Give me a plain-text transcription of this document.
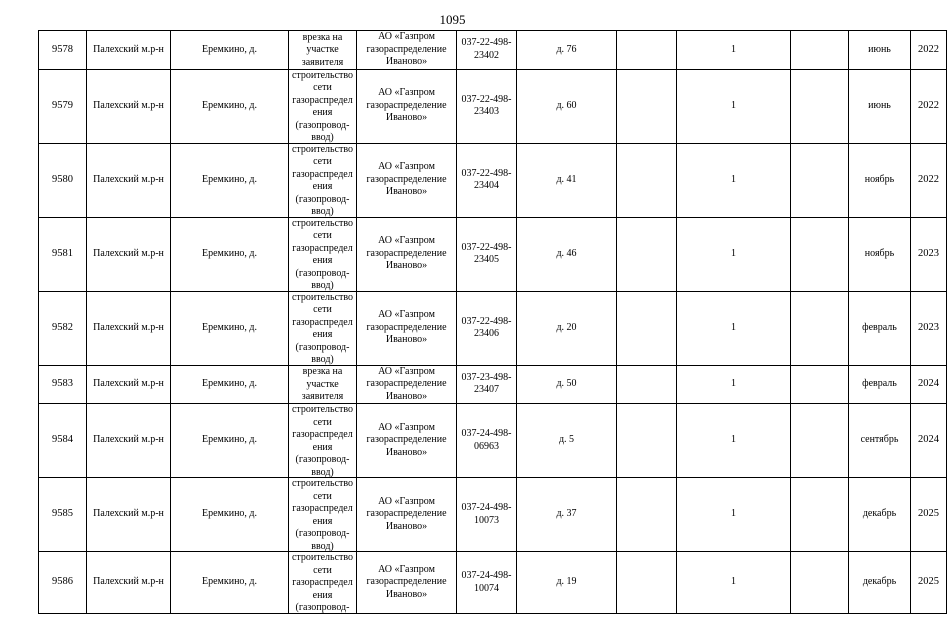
1095
9578	Палехский м.р-н	Еремкино, д.	врезка на участке заявителя	АО «Газпром газораспределение Иваново»	037-22-498-23402	д. 76		1		июнь	2022
9579	Палехский м.р-н	Еремкино, д.	строительство сети газораспределения (газопровод-ввод)	АО «Газпром газораспределение Иваново»	037-22-498-23403	д. 60		1		июнь	2022
9580	Палехский м.р-н	Еремкино, д.	строительство сети газораспределения (газопровод-ввод)	АО «Газпром газораспределение Иваново»	037-22-498-23404	д. 41		1		ноябрь	2022
9581	Палехский м.р-н	Еремкино, д.	строительство сети газораспределения (газопровод-ввод)	АО «Газпром газораспределение Иваново»	037-22-498-23405	д. 46		1		ноябрь	2023
9582	Палехский м.р-н	Еремкино, д.	строительство сети газораспределения (газопровод-ввод)	АО «Газпром газораспределение Иваново»	037-22-498-23406	д. 20		1		февраль	2023
9583	Палехский м.р-н	Еремкино, д.	врезка на участке заявителя	АО «Газпром газораспределение Иваново»	037-23-498-23407	д. 50		1		февраль	2024
9584	Палехский м.р-н	Еремкино, д.	строительство сети газораспределения (газопровод-ввод)	АО «Газпром газораспределение Иваново»	037-24-498-06963	д. 5		1		сентябрь	2024
9585	Палехский м.р-н	Еремкино, д.	строительство сети газораспределения (газопровод-ввод)	АО «Газпром газораспределение Иваново»	037-24-498-10073	д. 37		1		декабрь	2025
9586	Палехский м.р-н	Еремкино, д.	строительство сети газораспределения (газопровод-	АО «Газпром газораспределение Иваново»	037-24-498-10074	д. 19		1		декабрь	2025
